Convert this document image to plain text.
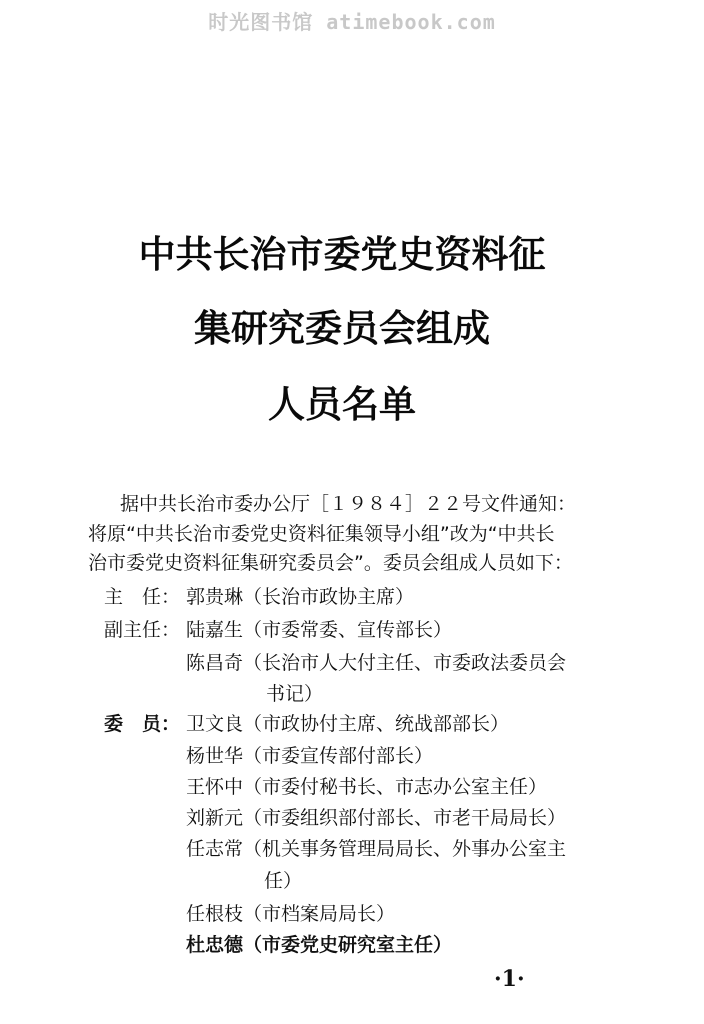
时光图书馆 atimebook.com
中共长治市委党史资料征
集研究委员会组成
人员名单
据中共长治市委办公厅［１９８４］２２号文件通知：
将原“中共长治市委党史资料征集领导小组”改为“中共长
治市委党史资料征集研究委员会”。委员会组成人员如下：
主　任： 郭贵琳（长治市政协主席）
副主任： 陆嘉生（市委常委、宣传部长）
陈昌奇（长治市人大付主任、市委政法委员会
书记）
委　员： 卫文良（市政协付主席、统战部部长）
杨世华（市委宣传部付部长）
王怀中（市委付秘书长、市志办公室主任）
刘新元（市委组织部付部长、市老干局局长）
任志常（机关事务管理局局长、外事办公室主
任）
任根枝（市档案局局长）
杜忠德（市委党史研究室主任）
·1·
